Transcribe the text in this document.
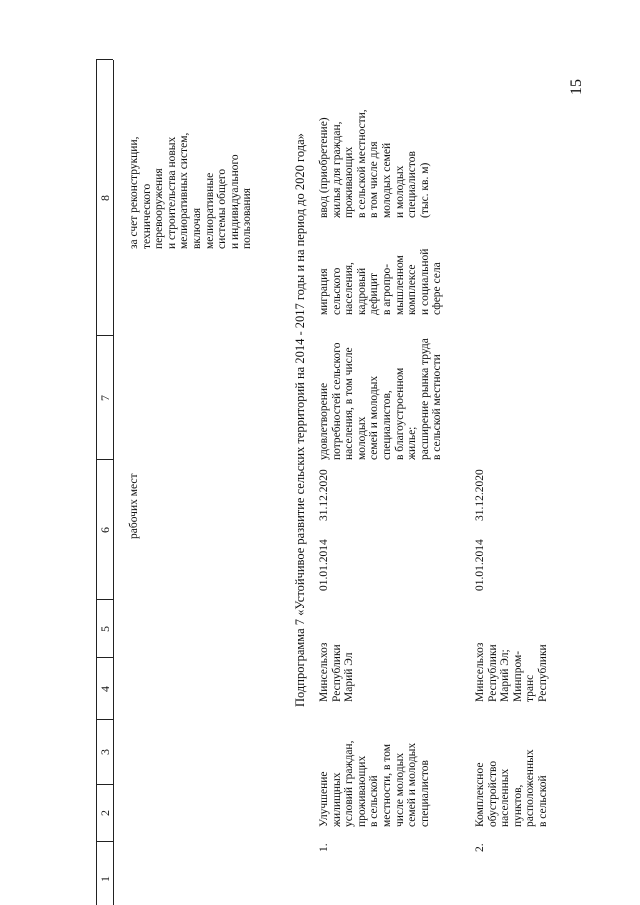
15
1
2
3
4
5
6
7
8
рабочих мест
за счет реконструкции,
технического
перевооружения
и строительства новых
мелиоративных систем,
включая
мелиоративные
системы общего
и индивидуального
пользования	Подпрограмма 7 «Устойчивое развитие сельских территорий на 2014 - 2017 годы и на период до 2020 года»
1.
Улучшение
жилищных
условий граждан,
проживающих
в сельской
местности, в том
числе молодых
семей и молодых
специалистов
Минсельхоз
Республики
Марий Эл
01.01.2014
31.12.2020
удовлетворение
потребностей сельского
населения, в том числе
молодых
семей и молодых
специалистов,
в благоустроенном
жилье;
расширение рынка труда
в сельской местности
миграция
сельского
населения,
кадровый
дефицит
в агропро-
мышленном
комплексе
и социальной
сфере села
ввод (приобретение)
жилья для граждан,
проживающих
в сельской местности,
в том числе для
молодых семей
и молодых
специалистов
(тыс. кв. м)
2.
Комплексное
обустройство
населенных
пунктов,
расположенных
в сельской
Минсельхоз
Республики
Марий Эл;
Минпром-
транс
Республики
01.01.2014
31.12.2020
